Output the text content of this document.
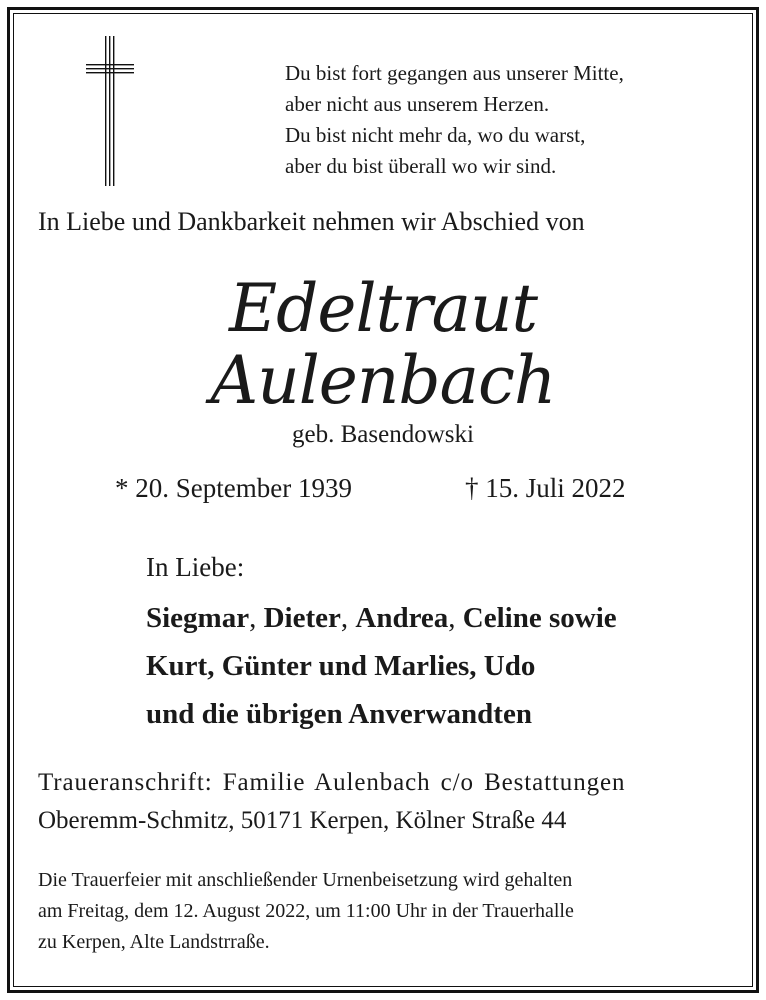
Du bist fort gegangen aus unserer Mitte,
aber nicht aus unserem Herzen.
Du bist nicht mehr da, wo du warst,
aber du bist überall wo wir sind.
In Liebe und Dankbarkeit nehmen wir Abschied von
Edeltraut
Aulenbach
geb. Basendowski
* 20. September 1939	† 15. Juli 2022
In Liebe:
Siegmar, Dieter, Andrea, Celine sowie
Kurt, Günter und Marlies, Udo
und die übrigen Anverwandten
Traueranschrift: Familie Aulenbach c/o Bestattungen
Oberemm-Schmitz, 50171 Kerpen, Kölner Straße 44
Die Trauerfeier mit anschließender Urnenbeisetzung wird gehalten
am Freitag, dem 12. August 2022, um 11:00 Uhr in der Trauerhalle
zu Kerpen, Alte Landstrraße.
